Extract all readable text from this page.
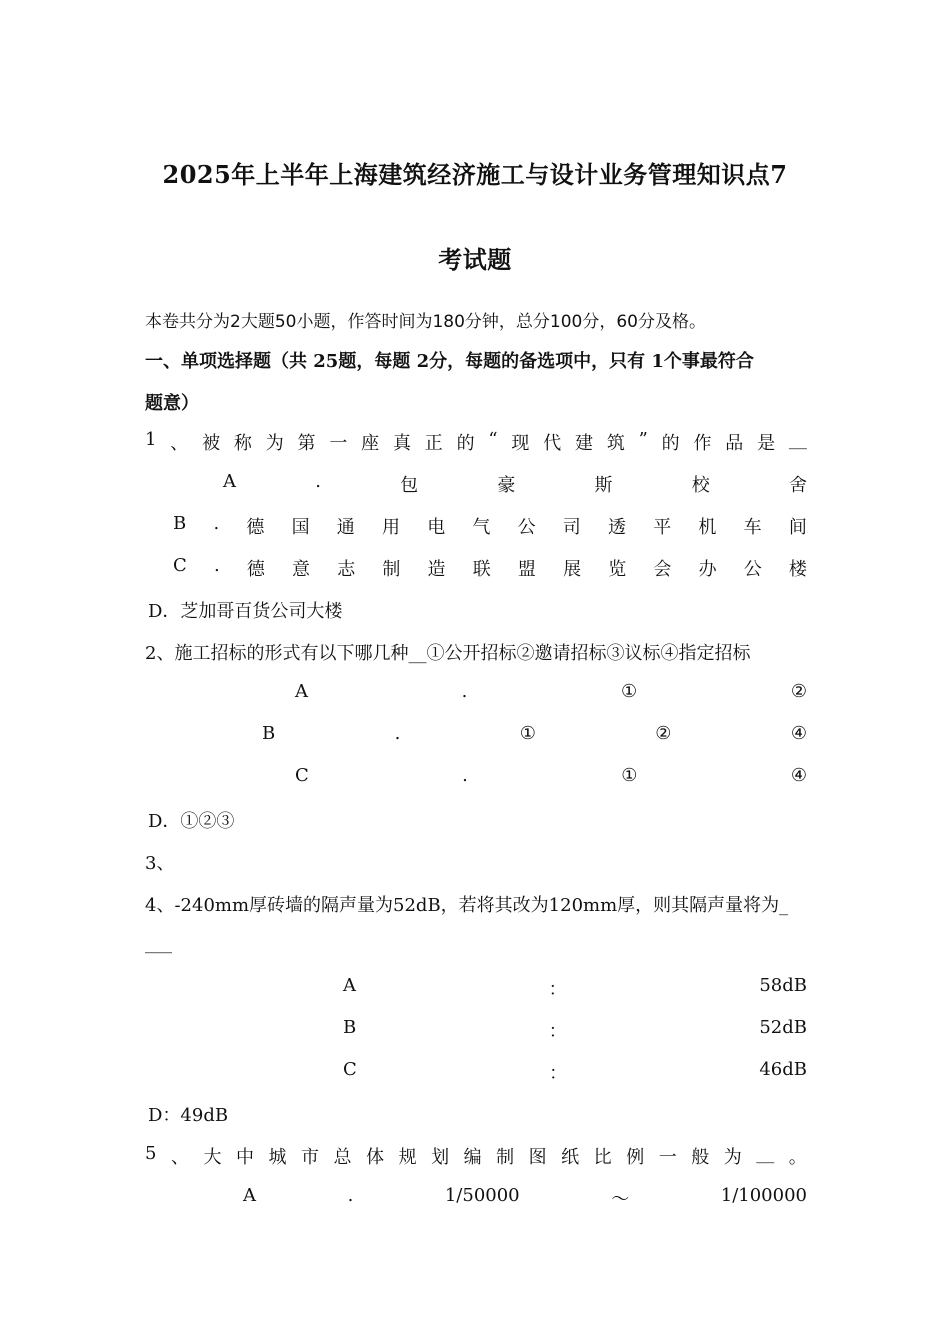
2025年上半年上海建筑经济施工与设计业务管理知识点7
考试题
本卷共分为2大题50小题，作答时间为180分钟，总分100分，60分及格。
一、单项选择题（共 25题，每题 2分，每题的备选项中，只有 1个事最符合
题意）
1 、 被 称 为 第 一 座 真 正 的 “ 现 代 建 筑 ” 的 作 品 是 __
A	.	包	豪	斯	校	舍
B . 德 国 通 用 电 气 公 司 透 平 机 车 间
C . 德 意 志 制 造 联 盟 展 览 会 办 公 楼
D．芝加哥百货公司大楼
2、施工招标的形式有以下哪几种__①公开招标②邀请招标③议标④指定招标
A	.	①	②
B	.	①	②	④
C	.	①	④
D．①②③
3、
4、-240mm厚砖墙的隔声量为52dB，若将其改为120mm厚，则其隔声量将为_
___
A	：	58dB
B	：	52dB
C	：	46dB
D：49dB
5 、 大 中 城 市 总 体 规 划 编 制 图 纸 比 例 一 般 为 __ 。
A	.	1/50000	～	1/100000
